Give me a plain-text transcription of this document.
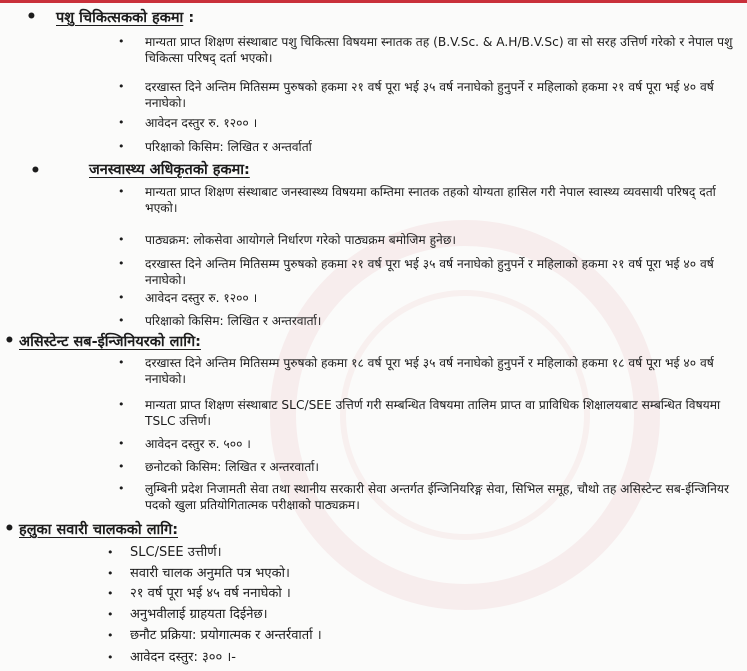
• पशु चिकित्सकको हकमा :
• मान्यता प्राप्त शिक्षण संस्थाबाट पशु चिकित्सा विषयमा स्नातक तह (B.V.Sc. & A.H/B.V.Sc) वा सो सरह उत्तिर्ण गरेको र नेपाल पशु चिकित्सा परिषद् दर्ता भएको।
• दरखास्त दिने अन्तिम मितिसम्म पुरुषको हकमा २१ वर्ष पूरा भई ३५ वर्ष ननाघेको हुनुपर्ने र महिलाको हकमा २१ वर्ष पूरा भई ४० वर्ष ननाघेको।
• आवेदन दस्तुर रु. १२०० ।
• परिक्षाको किसिम: लिखित र अन्तर्वार्ता
•	जनस्वास्थ्य अधिकृतको हकमा:
• मान्यता प्राप्त शिक्षण संस्थाबाट जनस्वास्थ्य विषयमा कम्तिमा स्नातक तहको योग्यता हासिल गरी नेपाल स्वास्थ्य व्यवसायी परिषद् दर्ता भएको।
• पाठ्यक्रम: लोकसेवा आयोगले निर्धारण गरेको पाठ्यक्रम बमोजिम हुनेछ।
• दरखास्त दिने अन्तिम मितिसम्म पुरुषको हकमा २१ वर्ष पूरा भई ३५ वर्ष ननाघेको हुनुपर्ने र महिलाको हकमा २१ वर्ष पूरा भई ४० वर्ष ननाघेको।
• आवेदन दस्तुर रु. १२०० ।
• परिक्षाको किसिम: लिखित र अन्तरवार्ता।
• असिस्टेन्ट सब-ईन्जिनियरको लागि:
• दरखास्त दिने अन्तिम मितिसम्म पुरुषको हकमा १८ वर्ष पूरा भई ३५ वर्ष ननाघेको हुनुपर्ने र महिलाको हकमा १८ वर्ष पूरा भई ४० वर्ष ननाघेको।
• मान्यता प्राप्त शिक्षण संस्थाबाट SLC/SEE उत्तिर्ण गरी सम्बन्धित विषयमा तालिम प्राप्त वा प्राविधिक शिक्षालयबाट सम्बन्धित विषयमा TSLC उत्तिर्ण।
• आवेदन दस्तुर रु. ५०० ।
• छनोटको किसिम: लिखित र अन्तरवार्ता।
• लुम्बिनी प्रदेश निजामती सेवा तथा स्थानीय सरकारी सेवा अन्तर्गत ईन्जिनियरिङ्ग सेवा, सिभिल समूह, चौथो तह असिस्टेन्ट सब-ईन्जिनियर पदको खुला प्रतियोगितात्मक परीक्षाको पाठ्यक्रम।
• हलुका सवारी चालकको लागि:
• SLC/SEE उत्तीर्ण।
• सवारी चालक अनुमति पत्र भएको।
• २१ वर्ष पूरा भई ४५ वर्ष ननाघेको ।
• अनुभवीलाई ग्राहयता दिईनेछ।
• छनौट प्रक्रिया: प्रयोगात्मक र अन्तर्रवार्ता ।
• आवेदन दस्तुर: ३०० ।-
